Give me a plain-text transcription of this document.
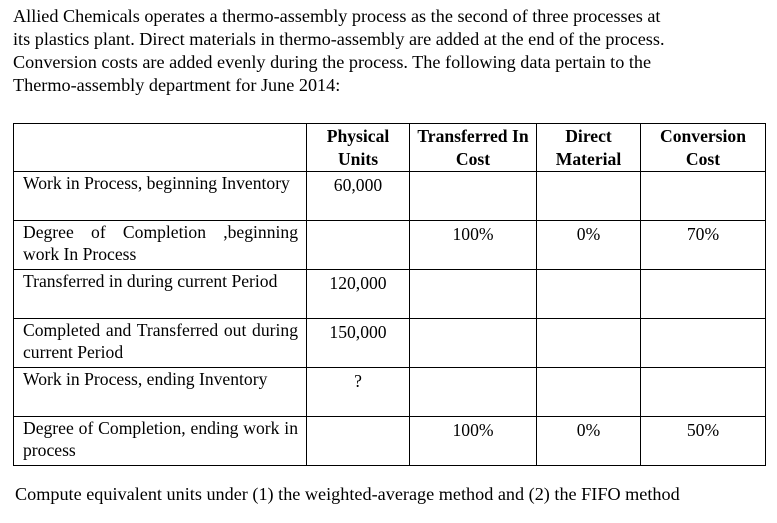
Allied Chemicals operates a thermo-assembly process as the second of three processes at
its plastics plant. Direct materials in thermo-assembly are added at the end of the process.
Conversion costs are added evenly during the process. The following data pertain to the
Thermo-assembly department for June 2014:
	Physical Units	Transferred In Cost	Direct Material	Conversion Cost
Work in Process, beginning Inventory	60,000			
Degree of Completion ,beginning work In Process		100%	0%	70%
Transferred in during current Period	120,000			
Completed and Transferred out during current Period	150,000			
Work in Process, ending Inventory	?			
Degree of Completion, ending work in process		100%	0%	50%
Compute equivalent units under (1) the weighted-average method and (2) the FIFO method
